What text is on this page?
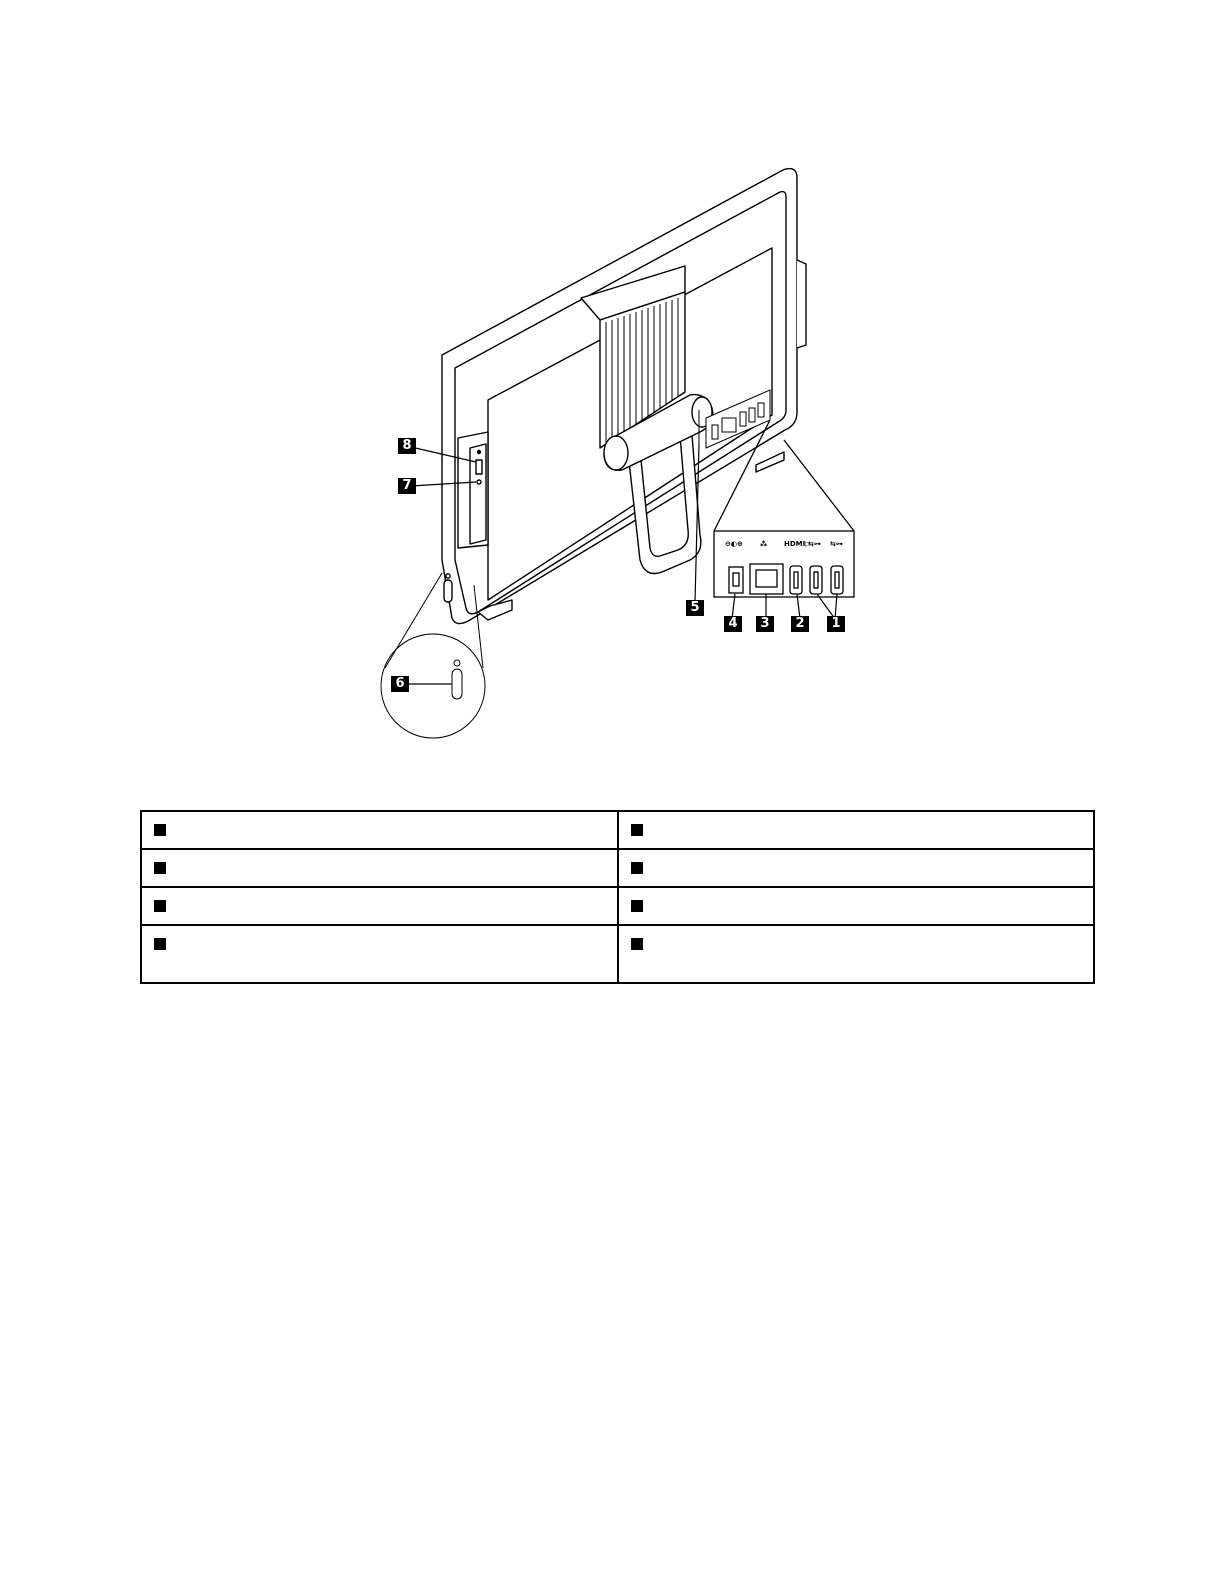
⊖◐⊕ ⁂ HDMI▷
⇆⊶ ⇆⊶
8
7
6
5
4	3	2	1
